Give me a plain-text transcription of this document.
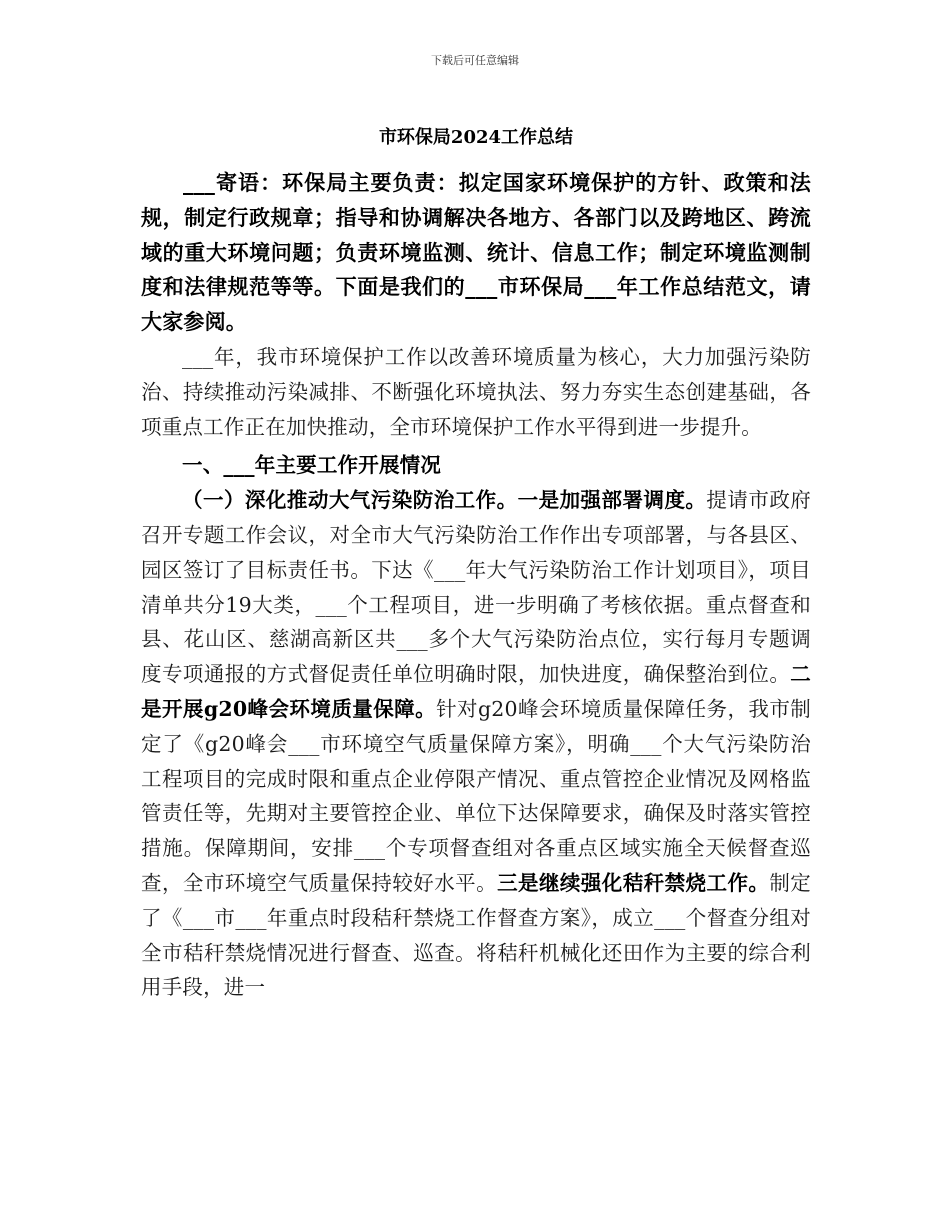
下载后可任意编辑
市环保局2024工作总结

___寄语：环保局主要负责：拟定国家环境保护的方针、政策和法规，制定行政规章；指导和协调解决各地方、各部门以及跨地区、跨流域的重大环境问题；负责环境监测、统计、信息工作；制定环境监测制度和法律规范等等。下面是我们的___市环保局___年工作总结范文，请大家参阅。

___年，我市环境保护工作以改善环境质量为核心，大力加强污染防治、持续推动污染减排、不断强化环境执法、努力夯实生态创建基础，各项重点工作正在加快推动，全市环境保护工作水平得到进一步提升。

一、___年主要工作开展情况

（一）深化推动大气污染防治工作。一是加强部署调度。提请市政府召开专题工作会议，对全市大气污染防治工作作出专项部署，与各县区、园区签订了目标责任书。下达《___年大气污染防治工作计划项目》，项目清单共分19大类，___个工程项目，进一步明确了考核依据。重点督查和县、花山区、慈湖高新区共___多个大气污染防治点位，实行每月专题调度专项通报的方式督促责任单位明确时限，加快进度，确保整治到位。二是开展g20峰会环境质量保障。针对g20峰会环境质量保障任务，我市制定了《g20峰会___市环境空气质量保障方案》，明确___个大气污染防治工程项目的完成时限和重点企业停限产情况、重点管控企业情况及网格监管责任等，先期对主要管控企业、单位下达保障要求，确保及时落实管控措施。保障期间，安排___个专项督查组对各重点区域实施全天候督查巡查，全市环境空气质量保持较好水平。三是继续强化秸秆禁烧工作。制定了《___市___年重点时段秸秆禁烧工作督查方案》，成立___个督查分组对全市秸秆禁烧情况进行督查、巡查。将秸秆机械化还田作为主要的综合利用手段，进一
